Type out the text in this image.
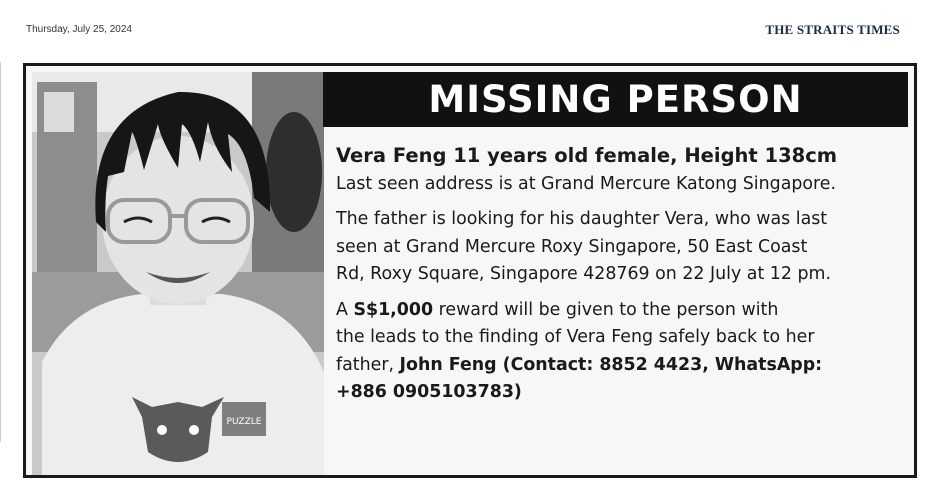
Thursday, July 25, 2024	THE STRAITS TIMES
PUZZLE
MISSING PERSON
Vera Feng 11 years old female, Height 138cm
Last seen address is at Grand Mercure Katong Singapore.
The father is looking for his daughter Vera, who was last
seen at Grand Mercure Roxy Singapore, 50 East Coast
Rd, Roxy Square, Singapore 428769 on 22 July at 12 pm.
A S$1,000 reward will be given to the person with
the leads to the finding of Vera Feng safely back to her
father, John Feng (Contact: 8852 4423, WhatsApp:
+886 0905103783)
